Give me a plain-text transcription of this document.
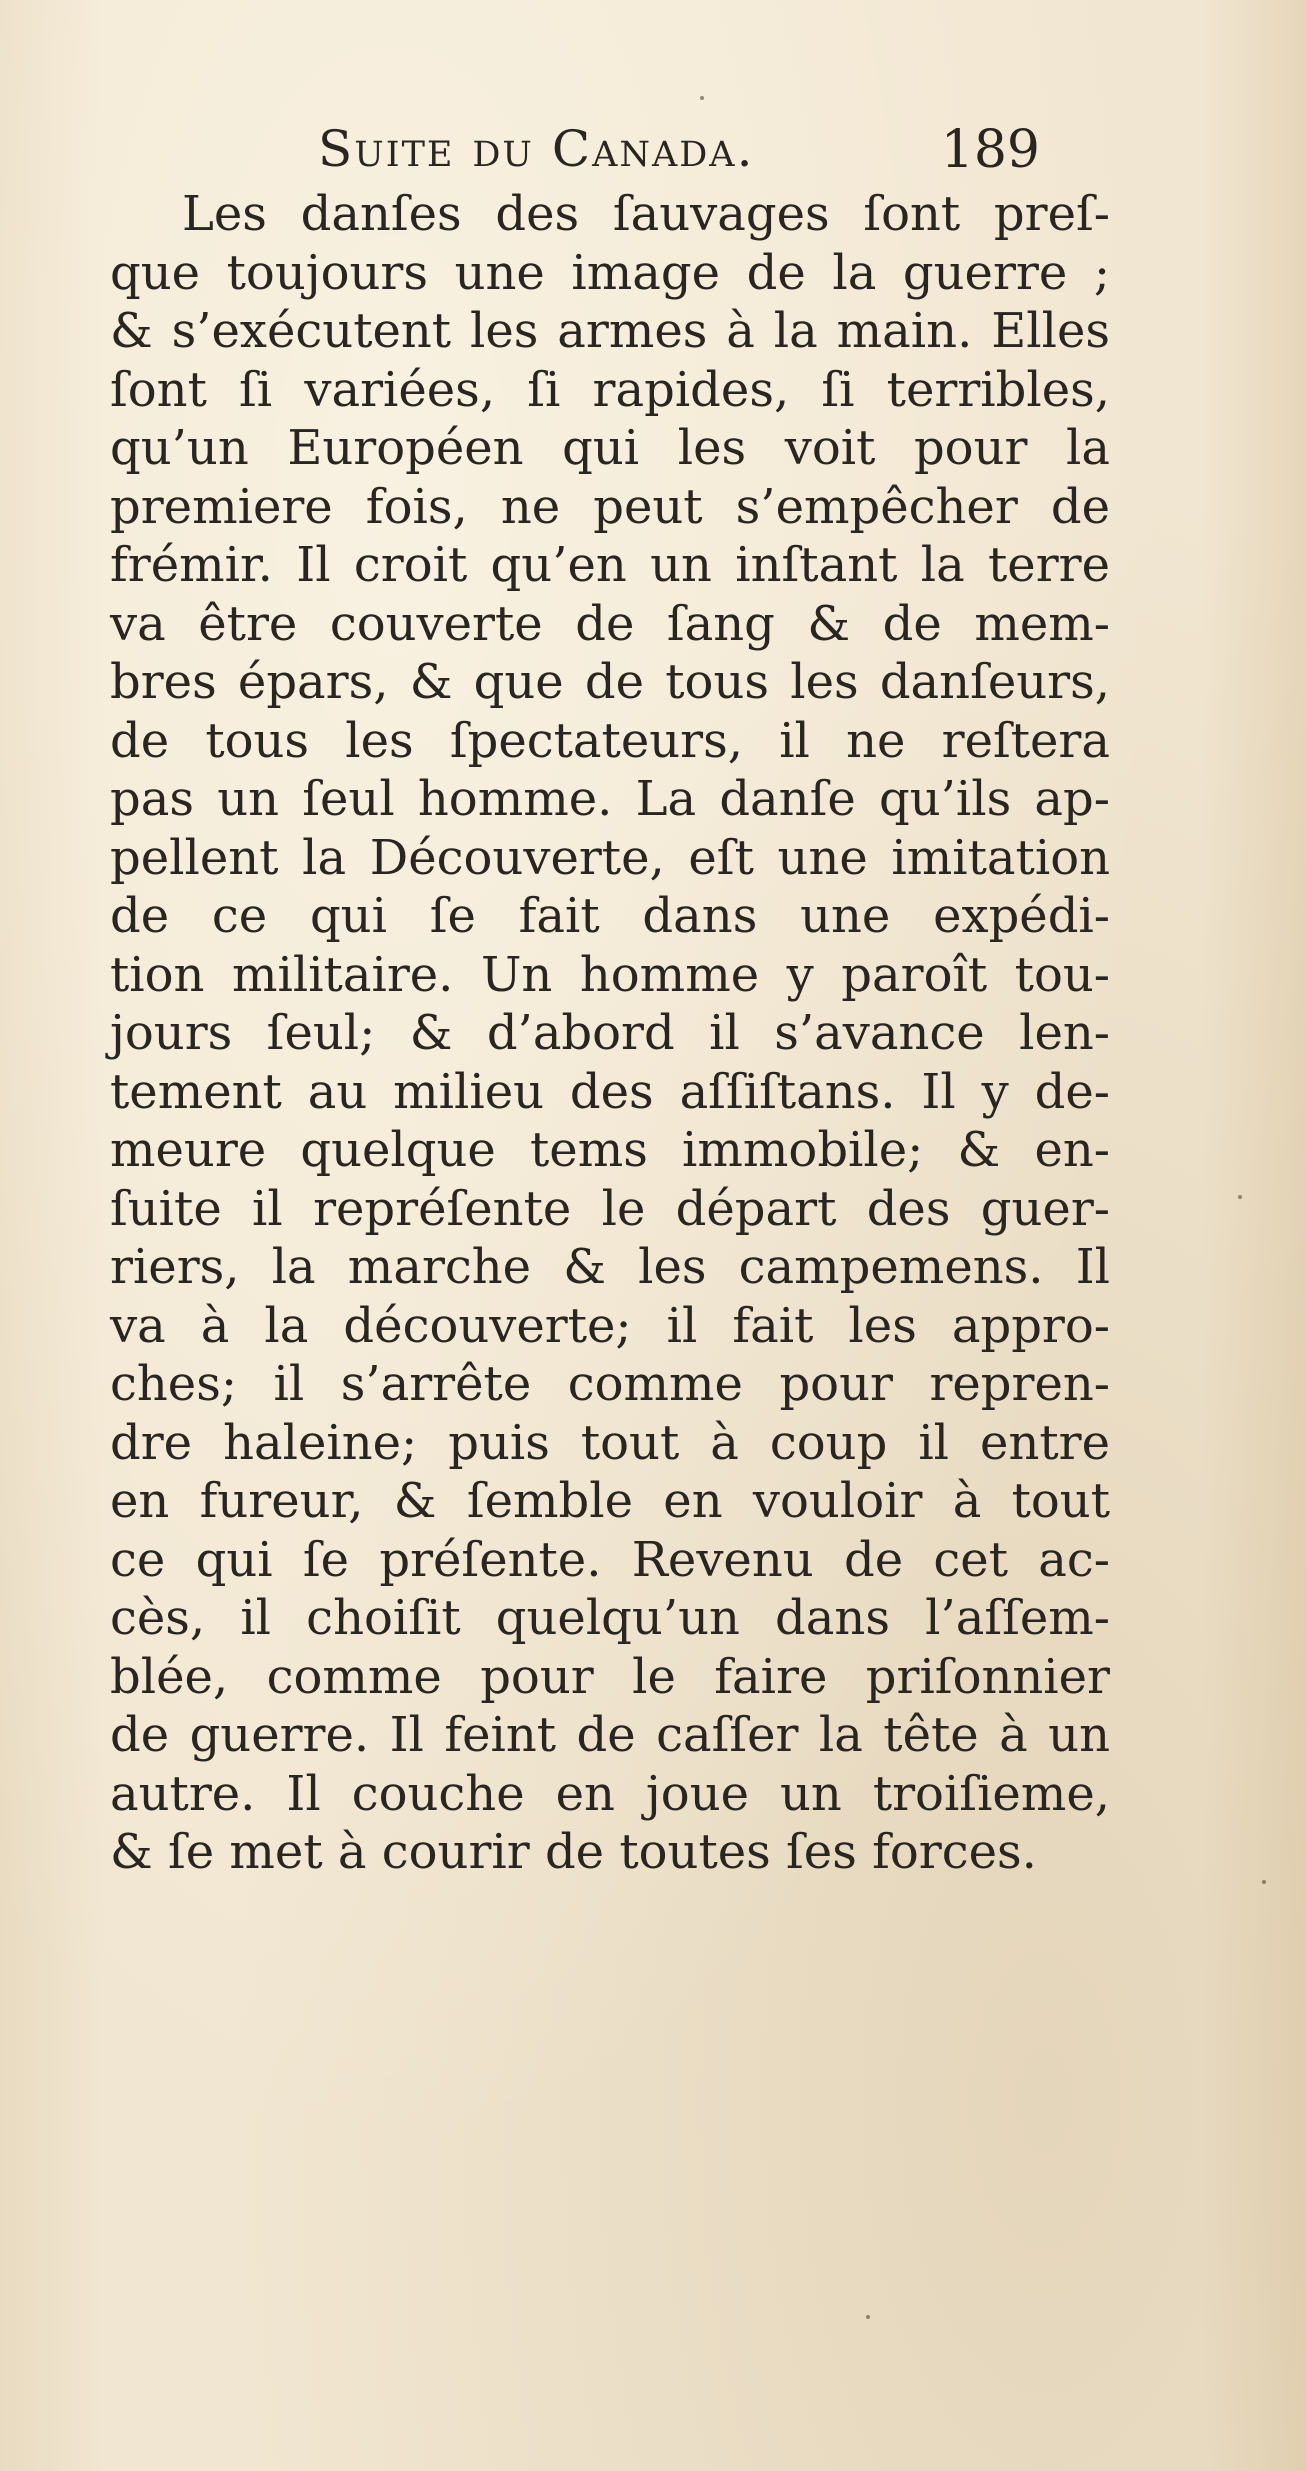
Suite du Canada.	189
Les danſes des ſauvages ſont preſ-
que toujours une image de la guerre ;
& s’exécutent les armes à la main. Elles
ſont ſi variées, ſi rapides, ſi terribles,
qu’un Européen qui les voit pour la
premiere fois, ne peut s’empêcher de
frémir. Il croit qu’en un inſtant la terre
va être couverte de ſang & de mem-
bres épars, & que de tous les danſeurs,
de tous les ſpectateurs, il ne reſtera
pas un ſeul homme. La danſe qu’ils ap-
pellent la Découverte, eſt une imitation
de ce qui ſe fait dans une expédi-
tion militaire. Un homme y paroît tou-
jours ſeul; & d’abord il s’avance len-
tement au milieu des aſſiſtans. Il y de-
meure quelque tems immobile; & en-
ſuite il repréſente le départ des guer-
riers, la marche & les campemens. Il
va à la découverte; il fait les appro-
ches; il s’arrête comme pour repren-
dre haleine; puis tout à coup il entre
en fureur, & ſemble en vouloir à tout
ce qui ſe préſente. Revenu de cet ac-
cès, il choiſit quelqu’un dans l’aſſem-
blée, comme pour le faire priſonnier
de guerre. Il feint de caſſer la tête à un
autre. Il couche en joue un troiſieme,
& ſe met à courir de toutes ſes forces.
